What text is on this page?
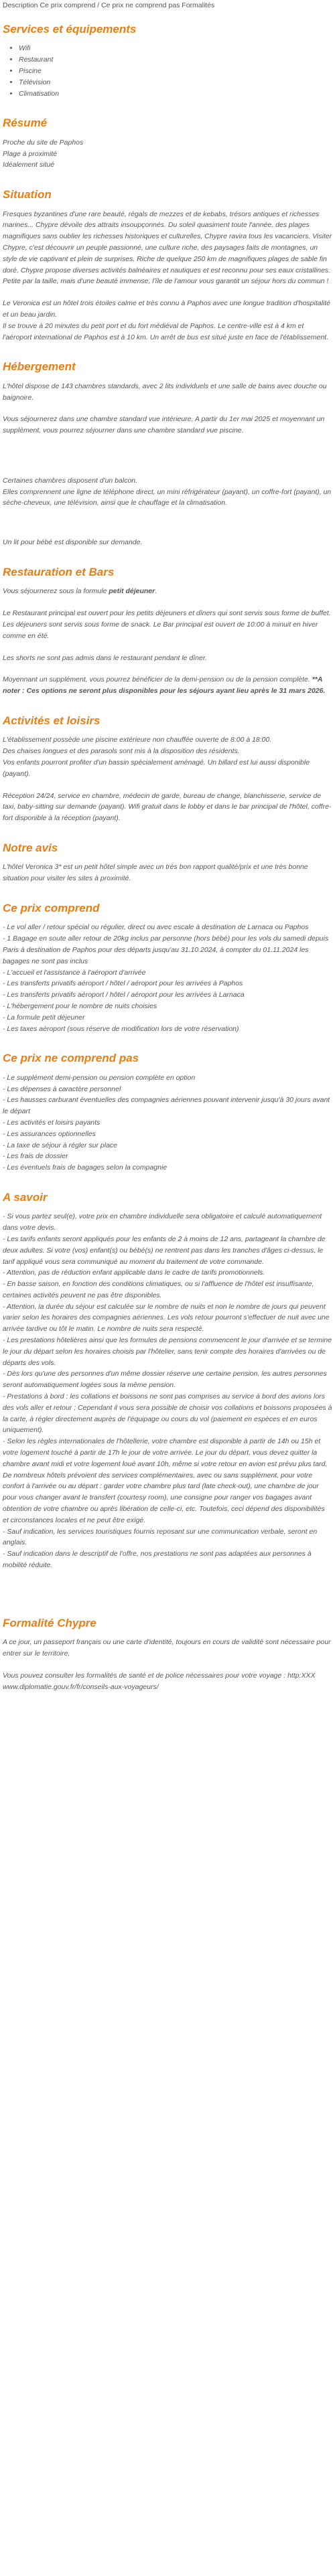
Description Ce prix comprend / Ce prix ne comprend pas Formalités

Services et équipements
• Wifi
• Restaurant
• Piscine
• Télévision
• Climatisation
Résumé
Proche du site de Paphos
Plage à proximité
Idéalement situé
Situation

Fresques byzantines d'une rare beauté, régals de mezzes et de kebabs, trésors antiques et richesses marines... Chypre dévoile des attraits insoupçonnés. Du soleil quasiment toute l'année, des plages magnifiques sans oublier les richesses historiques et culturelles, Chypre ravira tous les vacanciers. Visiter Chypre, c'est découvrir un peuple passionné, une culture riche, des paysages faits de montagnes, un style de vie captivant et plein de surprises. Riche de quelque 250 km de magnifiques plages de sable fin doré, Chypre propose diverses activités balnéaires et nautiques et est reconnu pour ses eaux cristallines.

Petite par la taille, mais d'une beauté immense, l'île de l'amour vous garantit un séjour hors du commun !

Le Veronica est un hôtel trois étoiles calme et très connu à Paphos avec une longue tradition d'hospitalité et un beau jardin.

Il se trouve à 20 minutes du petit port et du fort médiéval de Paphos. Le centre-ville est à 4 km et l'aéroport international de Paphos est à 10 km. Un arrêt de bus est situé juste en face de l'établissement.

Hébergement

L'hôtel dispose de 143 chambres standards, avec 2 lits individuels et une salle de bains avec douche ou baignoire.

Vous séjournerez dans une chambre standard vue intérieure. A partir du 1er mai 2025 et moyennant un supplément, vous pourrez séjourner dans une chambre standard vue piscine.

Certaines chambres disposent d'un balcon.

Elles comprennent une ligne de téléphone direct, un mini réfrigérateur (payant), un coffre-fort (payant), un sèche-cheveux, une télévision, ainsi que le chauffage et la climatisation.

Un lit pour bébé est disponible sur demande.

Restauration et Bars

Vous séjournerez sous la formule petit déjeuner.

Le Restaurant principal est ouvert pour les petits déjeuners et dîners qui sont servis sous forme de buffet.

Les déjeuners sont servis sous forme de snack. Le Bar principal est ouvert de 10:00 à minuit en hiver comme en été.

Les shorts ne sont pas admis dans le restaurant pendant le dîner.

Moyennant un supplément, vous pourrez bénéficier de la demi-pension ou de la pension complète. **A noter : Ces options ne seront plus disponibles pour les séjours ayant lieu après le 31 mars 2026.

Activités et loisirs

L'établissement possède une piscine extérieure non chauffée ouverte de 8:00 à 18:00.

Des chaises longues et des parasols sont mis à la disposition des résidents.

Vos enfants pourront profiter d'un bassin spécialement aménagé. Un billard est lui aussi disponible (payant).

Réception 24/24, service en chambre, médecin de garde, bureau de change, blanchisserie, service de taxi, baby-sitting sur demande (payant). Wifi gratuit dans le lobby et dans le bar principal de l'hôtel, coffre-fort disponible à la réception (payant).

Notre avis

L'hôtel Veronica 3* est un petit hôtel simple avec un très bon rapport qualité/prix et une très bonne situation pour visiter les sites à proximité.

Ce prix comprend
- Le vol aller / retour spécial ou régulier, direct ou avec escale à destination de Larnaca ou Paphos
- 1 Bagage en soute aller retour de 20kg inclus par personne (hors bébé) pour les vols du samedi depuis Paris à destination de Paphos pour des départs jusqu'au 31.10.2024, à compter du 01.11.2024 les bagages ne sont pas inclus
- L'accueil et l'assistance à l'aéroport d'arrivée
- Les transferts privatifs aéroport / hôtel / aéroport pour les arrivées à Paphos
- Les transferts privatifs aéroport / hôtel / aéroport pour les arrivées à Larnaca
- L'hébergement pour le nombre de nuits choisies
- La formule petit déjeuner
- Les taxes aéroport (sous réserve de modification lors de votre réservation)
Ce prix ne comprend pas
- Le supplément demi-pension ou pension complète en option
- Les dépenses à caractère personnel
- Les hausses carburant éventuelles des compagnies aériennes pouvant intervenir jusqu'à 30 jours avant le départ
- Les activités et loisirs payants
- Les assurances optionnelles
- La taxe de séjour à régler sur place
- Les frais de dossier
- Les éventuels frais de bagages selon la compagnie
A savoir
- Si vous partez seul(e), votre prix en chambre individuelle sera obligatoire et calculé automatiquement dans votre devis.
- Les tarifs enfants seront appliqués pour les enfants de 2 à moins de 12 ans, partageant la chambre de deux adultes. Si votre (vos) enfant(s) ou bébé(s) ne rentrent pas dans les tranches d'âges ci-dessus, le tarif appliqué vous sera communiqué au moment du traitement de votre commande.
- Attention, pas de réduction enfant applicable dans le cadre de tarifs promotionnels.
- En basse saison, en fonction des conditions climatiques, ou si l'affluence de l'hôtel est insuffisante, certaines activités peuvent ne pas être disponibles.
- Attention, la durée du séjour est calculée sur le nombre de nuits et non le nombre de jours qui peuvent varier selon les horaires des compagnies aériennes. Les vols retour pourront s'effectuer de nuit avec une arrivée tardive ou tôt le matin. Le nombre de nuits sera respecté.
- Les prestations hôtelières ainsi que les formules de pensions commencent le jour d'arrivée et se termine le jour du départ selon les horaires choisis par l'hôtelier, sans tenir compte des horaires d'arrivées ou de départs des vols.
- Dès lors qu'une des personnes d'un même dossier réserve une certaine pension, les autres personnes seront automatiquement logées sous la même pension.
- Prestations à bord : les collations et boissons ne sont pas comprises au service à bord des avions lors des vols aller et retour ; Cependant il vous sera possible de choisir vos collations et boissons proposées à la carte, à régler directement auprès de l'équipage ou cours du vol (paiement en espèces et en euros uniquement).
- Selon les règles internationales de l'hôtellerie, votre chambre est disponible à partir de 14h ou 15h et votre logement touché à partir de 17h le jour de votre arrivée. Le jour du départ, vous devez quitter la chambre avant midi et votre logement loué avant 10h, même si votre retour en avion est prévu plus tard. De nombreux hôtels prévoient des services complémentaires, avec ou sans supplément, pour votre confort à l'arrivée ou au départ : garder votre chambre plus tard (late check-out), une chambre de jour pour vous changer avant le transfert (courtesy room), une consigne pour ranger vos bagages avant obtention de votre chambre ou après libération de celle-ci, etc. Toutefois, ceci dépend des disponibilités et circonstances locales et ne peut être exigé.
- Sauf indication, les services touristiques fournis reposant sur une communication verbale, seront en anglais.
- Sauf indication dans le descriptif de l'offre, nos prestations ne sont pas adaptées aux personnes à mobilité réduite.
Formalité Chypre

A ce jour, un passeport français ou une carte d'identité, toujours en cours de validité sont nécessaire pour entrer sur le territoire.

Vous pouvez consulter les formalités de santé et de police nécessaires pour votre voyage : http:XXX www.diplomatie.gouv.fr/fr/conseils-aux-voyageurs/
